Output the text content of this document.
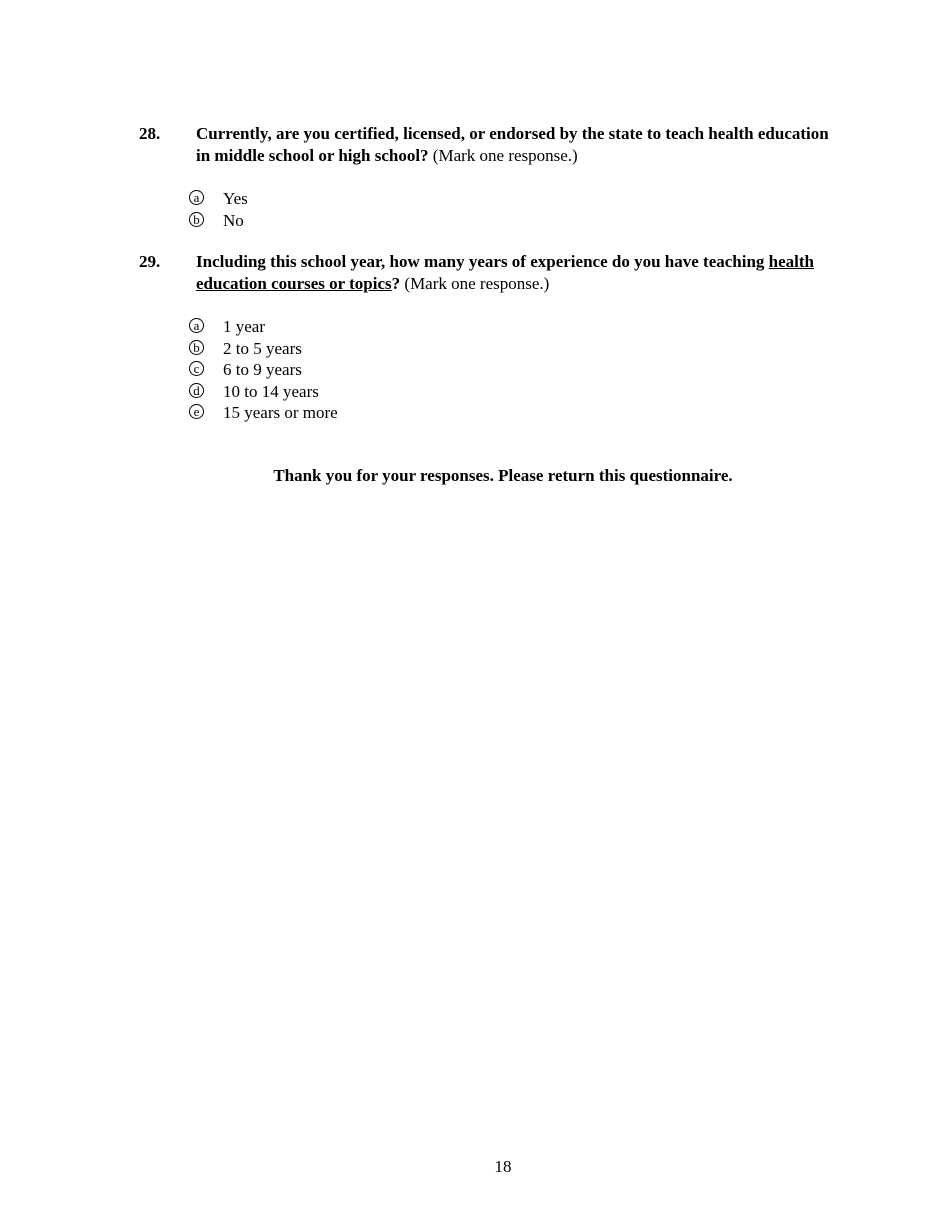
28. Currently, are you certified, licensed, or endorsed by the state to teach health education in middle school or high school? (Mark one response.)
a Yes
b No
29. Including this school year, how many years of experience do you have teaching health education courses or topics? (Mark one response.)
a 1 year
b 2 to 5 years
c 6 to 9 years
d 10 to 14 years
e 15 years or more
Thank you for your responses. Please return this questionnaire.
18
